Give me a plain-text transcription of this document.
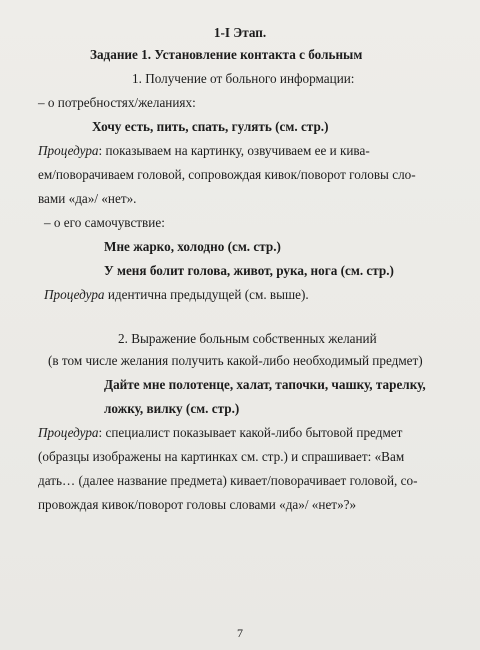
1-I Этап.
Задание 1. Установление контакта с больным
1. Получение от больного информации:
– о потребностях/желаниях:
Хочу есть, пить, спать, гулять (см. стр.)
Процедура: показываем на картинку, озвучиваем ее и кива-
ем/поворачиваем головой, сопровождая кивок/поворот головы сло-
вами «да»/ «нет».
– о его самочувствие:
Мне жарко, холодно (см. стр.)
У меня болит голова, живот, рука, нога (см. стр.)
Процедура идентична предыдущей (см. выше).
2. Выражение больным собственных желаний
(в том числе желания получить какой-либо необходимый предмет)
Дайте мне полотенце, халат, тапочки, чашку, тарелку,
ложку, вилку (см. стр.)
Процедура: специалист показывает какой-либо бытовой предмет
(образцы изображены на картинках см. стр.) и спрашивает: «Вам
дать… (далее название предмета) кивает/поворачивает головой, со-
провождая кивок/поворот головы словами «да»/ «нет»?»
7
